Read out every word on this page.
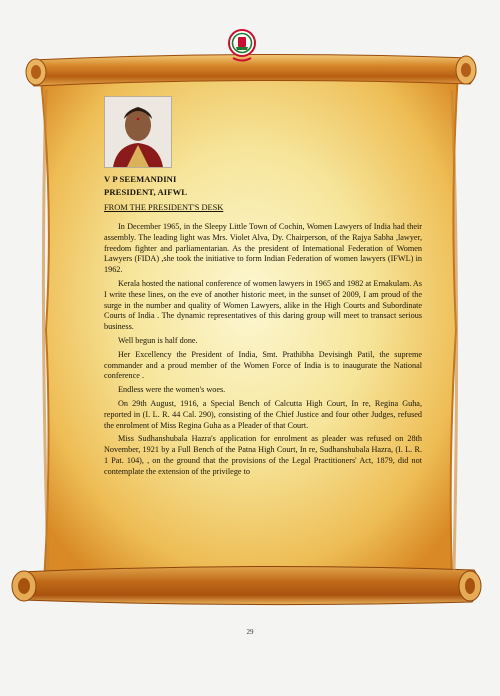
V P SEEMANDINI
PRESIDENT, AIFWL
FROM THE PRESIDENT'S DESK

In December 1965, in the Sleepy Little Town of Cochin, Women Lawyers of India had their assembly. The leading light was Mrs. Violet Alva, Dy. Chairperson, of the Rajya Sabha ,lawyer, freedom fighter and parliamentarian. As the president of International Federation of Women Lawyers (FIDA) ,she took the initiative to form Indian Federation of women lawyers (IFWL) in 1962.

Kerala hosted the national conference of women lawyers in 1965 and 1982 at Ernakulam. As I write these lines, on the eve of another historic meet, in the sunset of 2009, I am proud of the surge in the number and quality of Women Lawyers, alike in the High Courts and Subordinate Courts of India . The dynamic representatives of this daring group will meet to transact serious business.

Well begun is half done.

Her Excellency the President of India, Smt. Prathibha Devisingh Patil, the supreme commander and a proud member of the Women Force of India is to inaugurate the National conference .

Endless were the women's woes.

On 29th August, 1916, a Special Bench of Calcutta High Court, In re, Regina Guha, reported in (I. L. R. 44 Cal. 290), consisting of the Chief Justice and four other Judges, refused the enrolment of Miss Regina Guha as a Pleader of that Court.

Miss Sudhanshubala Hazra's application for enrolment as pleader was refused on 28th November, 1921 by a Full Bench of the Patna High Court, In re, Sudhanshubala Hazra, (I. L. R. 1 Pat. 104), , on the ground that the provisions of the Legal Practitioners' Act, 1879, did not contemplate the extension of the privilege to

29
